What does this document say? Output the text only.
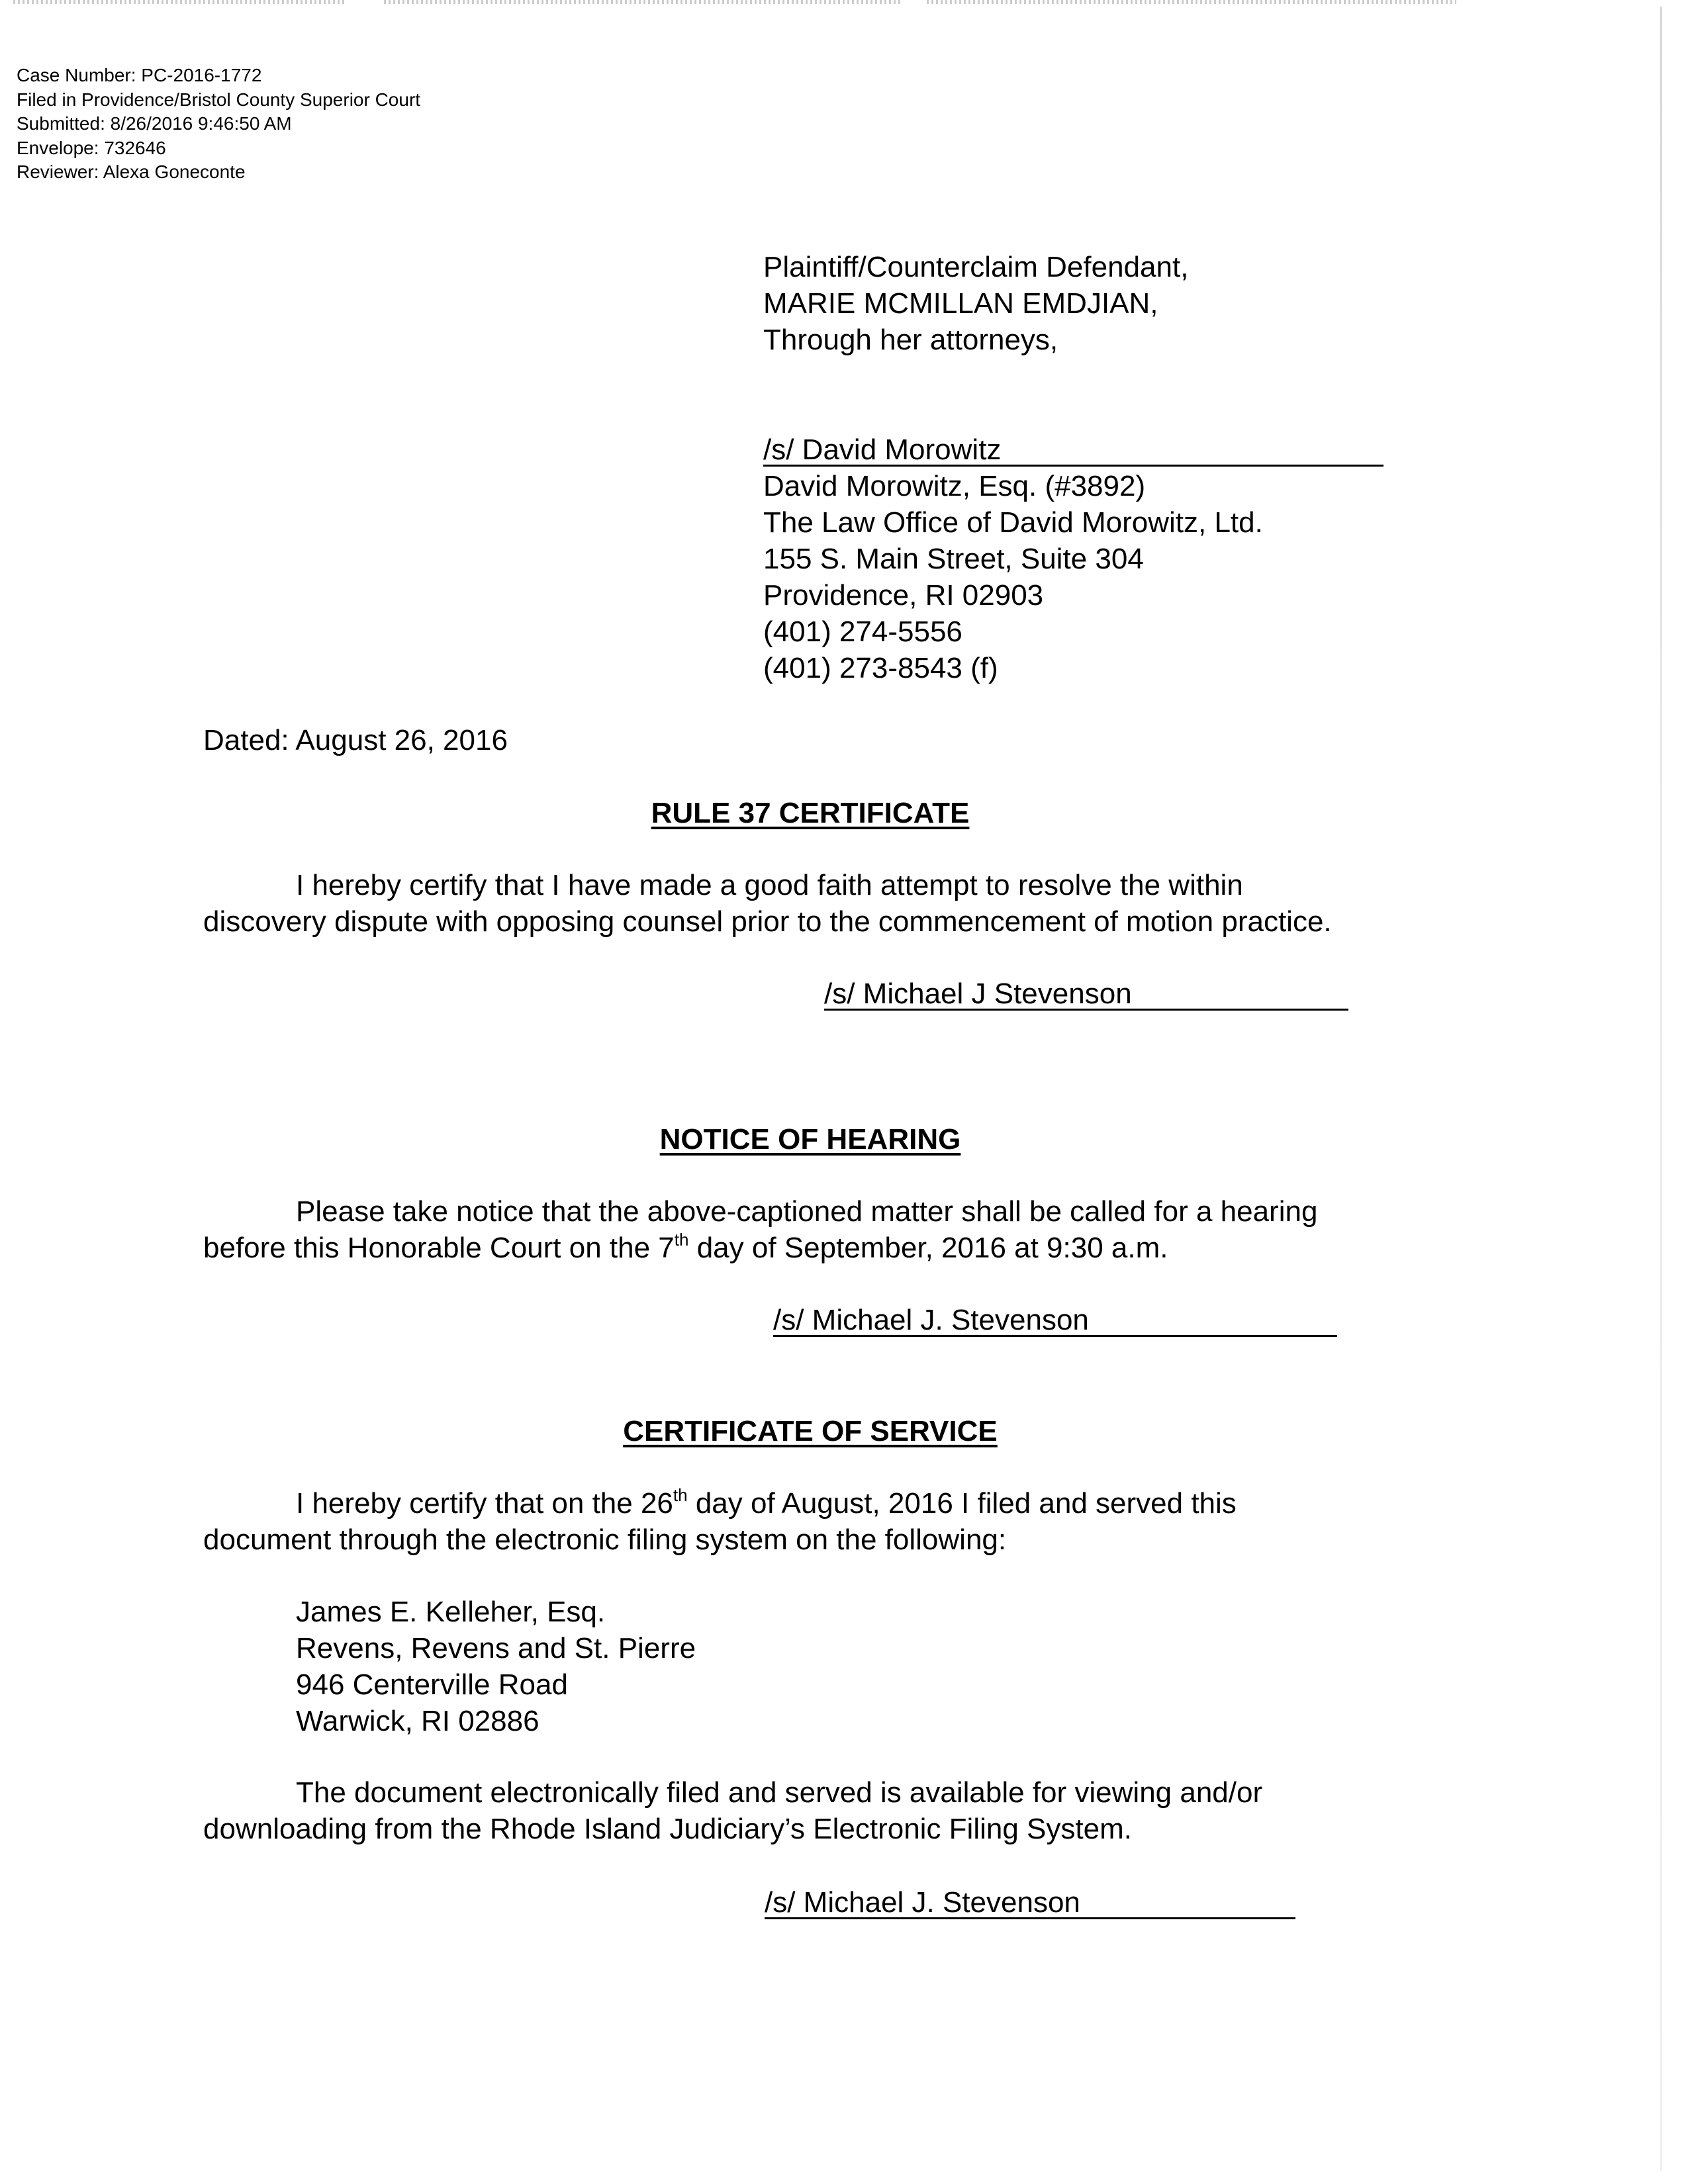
Case Number: PC-2016-1772
Filed in Providence/Bristol County Superior Court
Submitted: 8/26/2016 9:46:50 AM
Envelope: 732646
Reviewer: Alexa Goneconte
Plaintiff/Counterclaim Defendant,
MARIE MCMILLAN EMDJIAN,
Through her attorneys,
/s/ David Morowitz
David Morowitz, Esq. (#3892)
The Law Office of David Morowitz, Ltd.
155 S. Main Street, Suite 304
Providence, RI 02903
(401) 274-5556
(401) 273-8543 (f)
Dated: August 26, 2016
RULE 37 CERTIFICATE
I hereby certify that I have made a good faith attempt to resolve the within
discovery dispute with opposing counsel prior to the commencement of motion practice.
/s/ Michael J Stevenson
NOTICE OF HEARING
Please take notice that the above-captioned matter shall be called for a hearing
before this Honorable Court on the 7th day of September, 2016 at 9:30 a.m.
/s/ Michael J. Stevenson
CERTIFICATE OF SERVICE
I hereby certify that on the 26th day of August, 2016 I filed and served this
document through the electronic filing system on the following:
James E. Kelleher, Esq.
Revens, Revens and St. Pierre
946 Centerville Road
Warwick, RI 02886
The document electronically filed and served is available for viewing and/or
downloading from the Rhode Island Judiciary’s Electronic Filing System.
/s/ Michael J. Stevenson
